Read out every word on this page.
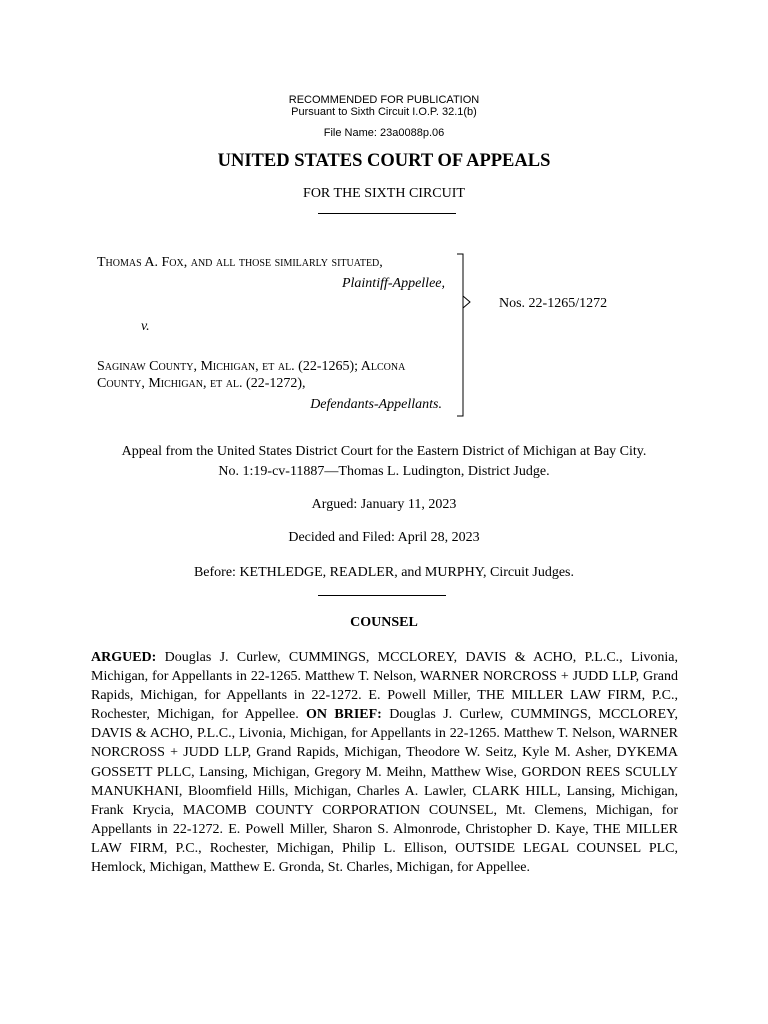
RECOMMENDED FOR PUBLICATION
Pursuant to Sixth Circuit I.O.P. 32.1(b)
File Name: 23a0088p.06
UNITED STATES COURT OF APPEALS
FOR THE SIXTH CIRCUIT
Thomas A. Fox, and all those similarly situated,
Plaintiff-Appellee,
v.
Saginaw County, Michigan, et al. (22-1265); Alcona
County, Michigan, et al. (22-1272),
Defendants-Appellants.
Nos. 22-1265/1272
Appeal from the United States District Court for the Eastern District of Michigan at Bay City.
No. 1:19-cv-11887—Thomas L. Ludington, District Judge.
Argued: January 11, 2023
Decided and Filed: April 28, 2023
Before: KETHLEDGE, READLER, and MURPHY, Circuit Judges.
COUNSEL
ARGUED: Douglas J. Curlew, CUMMINGS, MCCLOREY, DAVIS & ACHO, P.L.C., Livonia, Michigan, for Appellants in 22-1265. Matthew T. Nelson, WARNER NORCROSS + JUDD LLP, Grand Rapids, Michigan, for Appellants in 22-1272. E. Powell Miller, THE MILLER LAW FIRM, P.C., Rochester, Michigan, for Appellee. ON BRIEF: Douglas J. Curlew, CUMMINGS, MCCLOREY, DAVIS & ACHO, P.L.C., Livonia, Michigan, for Appellants in 22-1265. Matthew T. Nelson, WARNER NORCROSS + JUDD LLP, Grand Rapids, Michigan, Theodore W. Seitz, Kyle M. Asher, DYKEMA GOSSETT PLLC, Lansing, Michigan, Gregory M. Meihn, Matthew Wise, GORDON REES SCULLY MANUKHANI, Bloomfield Hills, Michigan, Charles A. Lawler, CLARK HILL, Lansing, Michigan, Frank Krycia, MACOMB COUNTY CORPORATION COUNSEL, Mt. Clemens, Michigan, for Appellants in 22-1272. E. Powell Miller, Sharon S. Almonrode, Christopher D. Kaye, THE MILLER LAW FIRM, P.C., Rochester, Michigan, Philip L. Ellison, OUTSIDE LEGAL COUNSEL PLC, Hemlock, Michigan, Matthew E. Gronda, St. Charles, Michigan, for Appellee.
